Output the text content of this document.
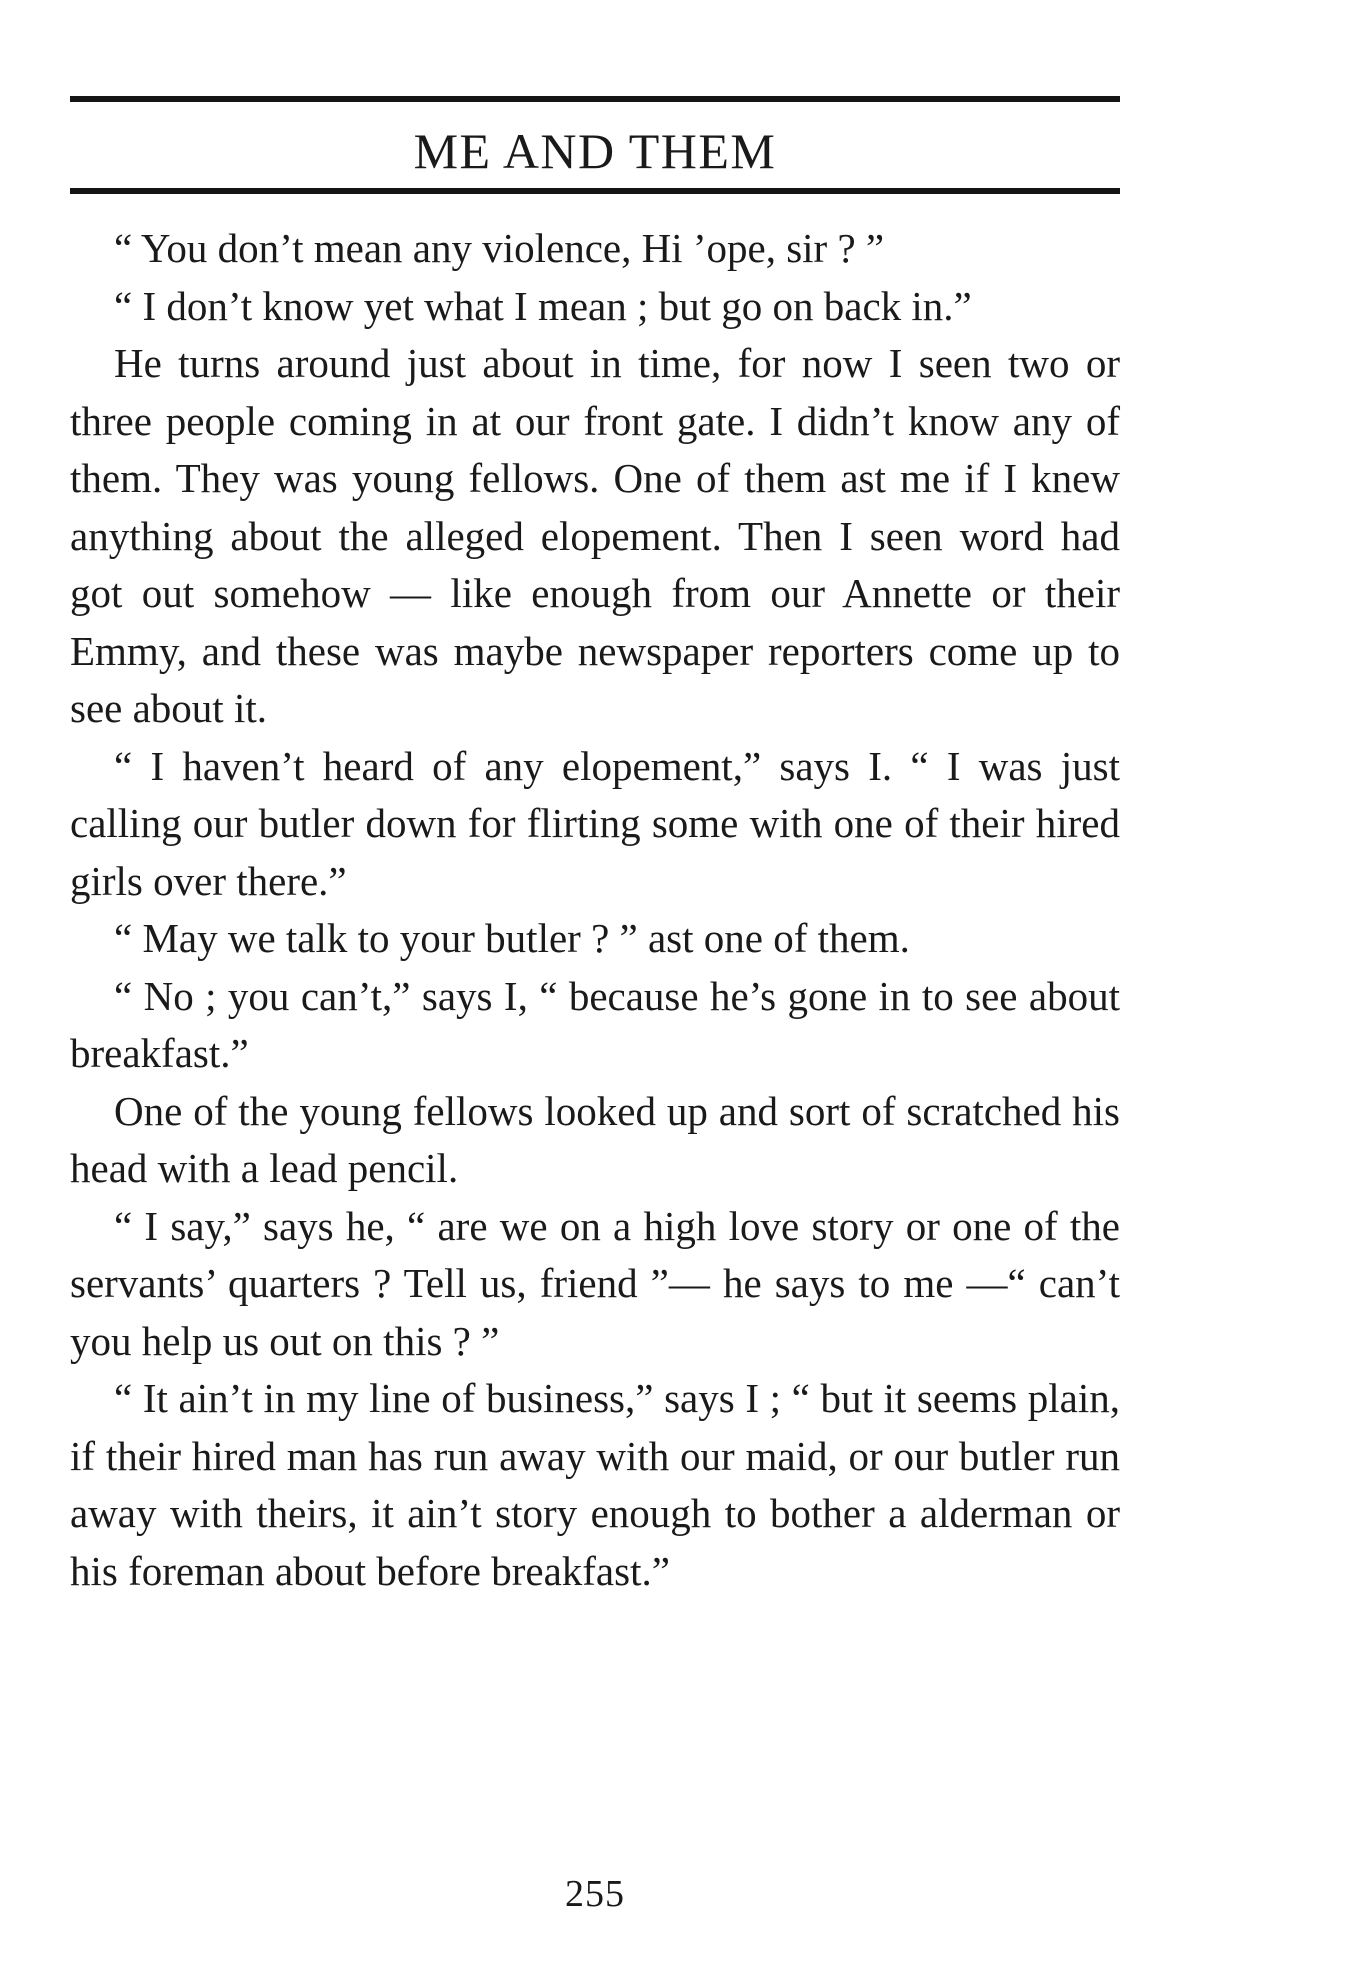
ME AND THEM

“ You don’t mean any violence, Hi ’ope, sir ? ”

“ I don’t know yet what I mean ; but go on back in.”

He turns around just about in time, for now I seen two or three people coming in at our front gate. I didn’t know any of them. They was young fellows. One of them ast me if I knew anything about the alleged elopement. Then I seen word had got out somehow — like enough from our Annette or their Emmy, and these was maybe newspaper reporters come up to see about it.

“ I haven’t heard of any elopement,” says I. “ I was just calling our butler down for flirting some with one of their hired girls over there.”

“ May we talk to your butler ? ” ast one of them.

“ No ; you can’t,” says I, “ because he’s gone in to see about breakfast.”

One of the young fellows looked up and sort of scratched his head with a lead pencil.

“ I say,” says he, “ are we on a high love story or one of the servants’ quarters ? Tell us, friend ”— he says to me —“ can’t you help us out on this ? ”

“ It ain’t in my line of business,” says I ; “ but it seems plain, if their hired man has run away with our maid, or our butler run away with theirs, it ain’t story enough to bother a alderman or his foreman about before breakfast.”

255
